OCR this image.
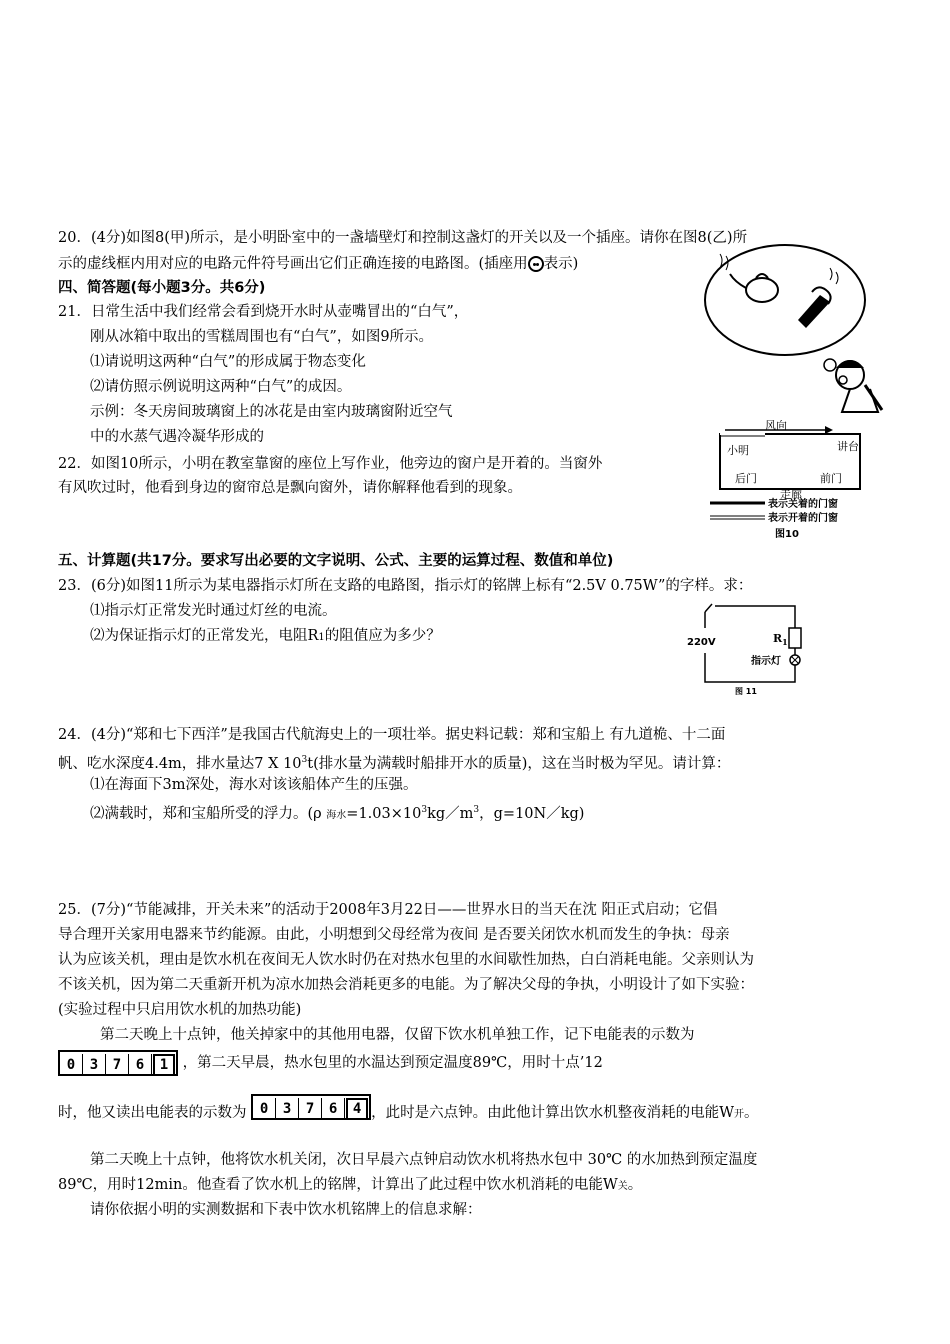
20．(4分)如图8(甲)所示，是小明卧室中的一盏墙壁灯和控制这盏灯的开关以及一个插座。请你在图8(乙)所
示的虚线框内用对应的电路元件符号画出它们正确连接的电路图。(插座用 表示)
四、简答题(每小题3分。共6分)
21．日常生活中我们经常会看到烧开水时从壶嘴冒出的“白气”，
刚从冰箱中取出的雪糕周围也有“白气”，如图9所示。
⑴请说明这两种“白气”的形成属于物态变化
⑵请仿照示例说明这两种“白气”的成因。
示例：冬天房间玻璃窗上的冰花是由室内玻璃窗附近空气
中的水蒸气遇冷凝华形成的
22．如图10所示，小明在教室靠窗的座位上写作业，他旁边的窗户是开着的。当窗外
有风吹过时，他看到身边的窗帘总是飘向窗外，请你解释他看到的现象。
风向
小明	讲台
后门
走廊
前门
表示关着的门窗
表示开着的门窗
图10
五、计算题(共17分。要求写出必要的文字说明、公式、主要的运算过程、数值和单位)
23．(6分)如图11所示为某电器指示灯所在支路的电路图，指示灯的铭牌上标有“2.5V 0.75W”的字样。求：
⑴指示灯正常发光时通过灯丝的电流。
⑵为保证指示灯的正常发光，电阻R1的阻值应为多少？	$R_1$
指示灯
220V
图 11
24．(4分)“郑和七下西洋”是我国古代航海史上的一项壮举。据史料记载：郑和宝船上 有九道桅、十二面
帆、吃水深度4.4m，排水量达7 X $10^3t$(排水量为满载时船排开水的质量)，这在当时极为罕见。请计算：
⑴在海面下3m深处，海水对该该船体产生的压强。
⑵满载时，郑和宝船所受的浮力。(ρ 海水$=1.03\times 10^3kg/m^3$，g=10N／kg)
25．(7分)“节能减排，开关未来”的活动于2008年3月22日——世界水日的当天在沈 阳正式启动；它倡
导合理开关家用电器来节约能源。由此，小明想到父母经常为夜间 是否要关闭饮水机而发生的争执：母亲
认为应该关机，理由是饮水机在夜间无人饮水时仍在对热水包里的水间歇性加热，白白消耗电能。父亲则认为
不该关机，因为第二天重新开机为凉水加热会消耗更多的电能。为了解决父母的争执，小明设计了如下实验：
(实验过程中只启用饮水机的加热功能)
第二天晚上十点钟，他关掉家中的其他用电器，仅留下饮水机单独工作，记下电能表的示数为
0 3 7 6 1 ，第二天早晨，热水包里的水温达到预定温度89℃，用时十点’12
时，他又读出电能表的示数为 0 3 7 6 4 ，此时是六点钟。由此他计算出饮水机整夜消耗的电能W开。
第二天晚上十点钟，他将饮水机关闭，次日早晨六点钟启动饮水机将热水包中 30℃ 的水加热到预定温度
89℃，用时12min。他查看了饮水机上的铭牌，计算出了此过程中饮水机消耗的电能W关。
请你依据小明的实测数据和下表中饮水机铭牌上的信息求解：
